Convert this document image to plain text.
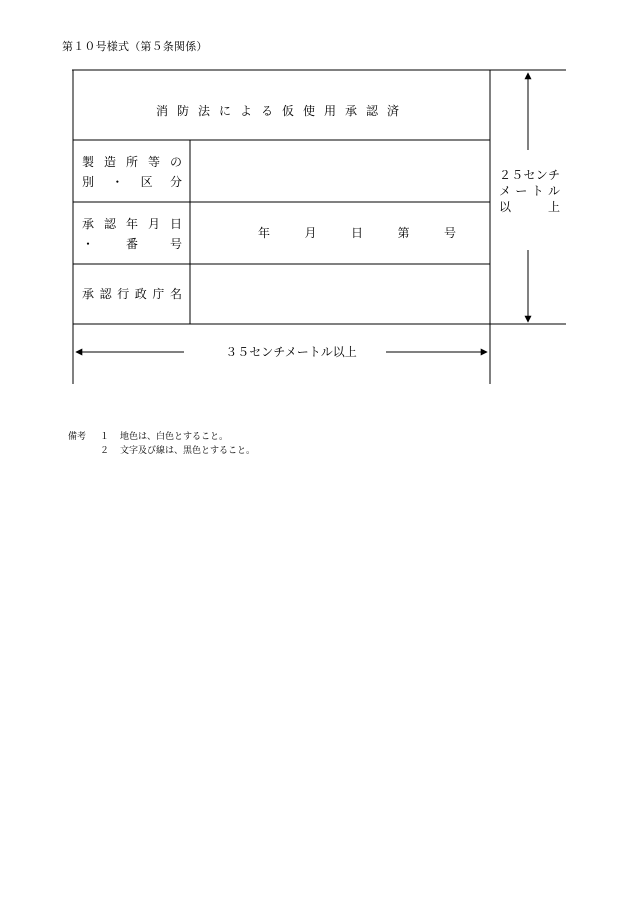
第１０号様式（第５条関係）
消防法による仮使用承認済
製造所等の
別・区分
承認年月日
・番号
年　月　日　第　号
承認行政庁名
２５センチ
メートル
以上
３５センチメートル以上
備考	１	地色は、白色とすること。
２	文字及び線は、黒色とすること。
